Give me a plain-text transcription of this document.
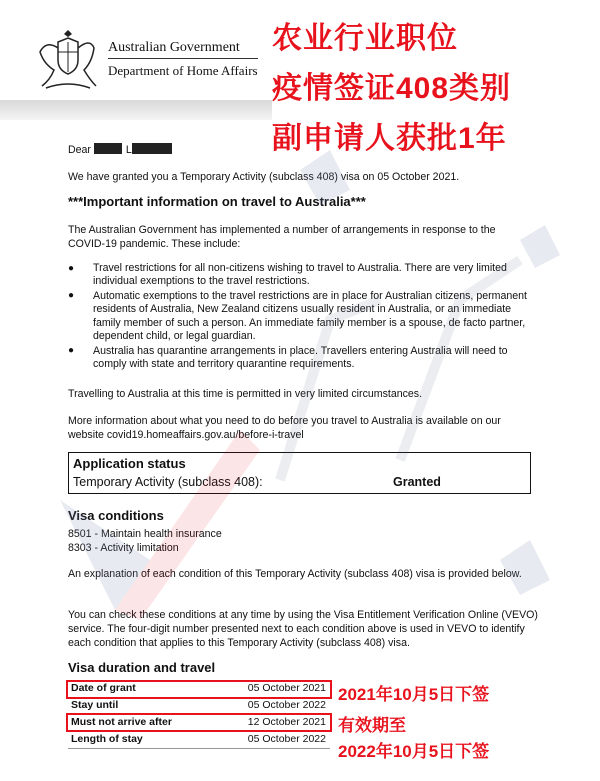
Australian Government
Department of Home Affairs
农业行业职位
疫情签证408类别
副申请人获批1年
Dear	L
We have granted you a Temporary Activity (subclass 408) visa on 05 October 2021.
***Important information on travel to Australia***
The Australian Government has implemented a number of arrangements in response to the COVID-19 pandemic. These include:
● Travel restrictions for all non-citizens wishing to travel to Australia. There are very limited individual exemptions to the travel restrictions.
● Automatic exemptions to the travel restrictions are in place for Australian citizens, permanent residents of Australia, New Zealand citizens usually resident in Australia, or an immediate family member of such a person. An immediate family member is a spouse, de facto partner, dependent child, or legal guardian.
● Australia has quarantine arrangements in place. Travellers entering Australia will need to comply with state and territory quarantine requirements.
Travelling to Australia at this time is permitted in very limited circumstances.
More information about what you need to do before you travel to Australia is available on our website covid19.homeaffairs.gov.au/before-i-travel
Application status
Temporary Activity (subclass 408):	Granted
Visa conditions
8501 - Maintain health insurance
8303 - Activity limitation
An explanation of each condition of this Temporary Activity (subclass 408) visa is provided below.
You can check these conditions at any time by using the Visa Entitlement Verification Online (VEVO) service. The four-digit number presented next to each condition above is used in VEVO to identify each condition that applies to this Temporary Activity (subclass 408) visa.
Visa duration and travel
Date of grant	05 October 2021
Stay until	05 October 2022
Must not arrive after	12 October 2021
Length of stay	05 October 2022
2021年10月5日下签
有效期至
2022年10月5日下签
